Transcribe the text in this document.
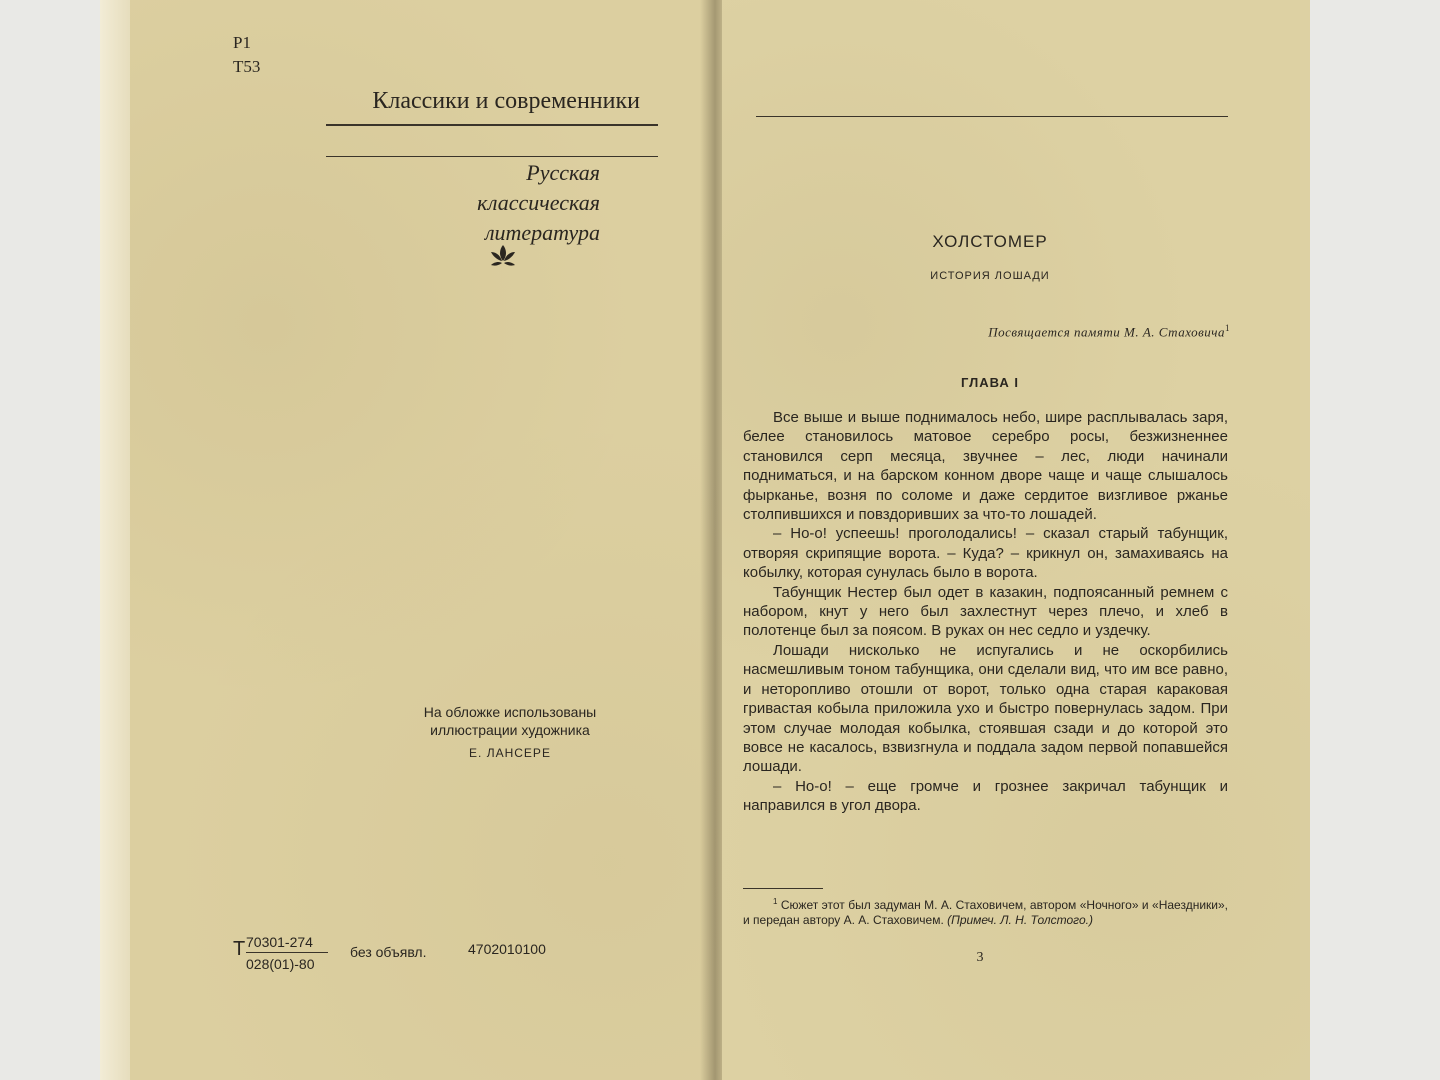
Р1
Т53
Классики и современники
Русская
классическая
литература
На обложке использованы
иллюстрации художника
Е. ЛАНСЕРЕ
Т 70301-274
028(01)-80
без объявл.	4702010100
ХОЛСТОМЕР
ИСТОРИЯ ЛОШАДИ
Посвящается памяти М. А. Стаховича$^1$
ГЛАВА I

Все выше и выше поднималось небо, шире расплывалась заря, белее становилось матовое серебро росы, безжизненнее становился серп месяца, звучнее – лес, люди начинали подниматься, и на барском конном дворе чаще и чаще слышалось фырканье, возня по соломе и даже сердитое визгливое ржанье столпившихся и повздоривших за что-то лошадей.

– Но-о! успеешь! проголодались! – сказал старый табунщик, отворяя скрипящие ворота. – Куда? – крикнул он, замахиваясь на кобылку, которая сунулась было в ворота.

Табунщик Нестер был одет в казакин, подпоясанный ремнем с набором, кнут у него был захлестнут через плечо, и хлеб в полотенце был за поясом. В руках он нес седло и уздечку.

Лошади нисколько не испугались и не оскорбились насмешливым тоном табунщика, они сделали вид, что им все равно, и неторопливо отошли от ворот, только одна старая караковая гривастая кобыла приложила ухо и быстро повернулась задом. При этом случае молодая кобылка, стоявшая сзади и до которой это вовсе не касалось, взвизгнула и поддала задом первой попавшейся лошади.

– Но-о! – еще громче и грознее закричал табунщик и направился в угол двора.

$^1$ Сюжет этот был задуман М. А. Стаховичем, автором «Ночного» и «Наездники», и передан автору А. А. Стаховичем. (Примеч. Л. Н. Толстого.)

3
